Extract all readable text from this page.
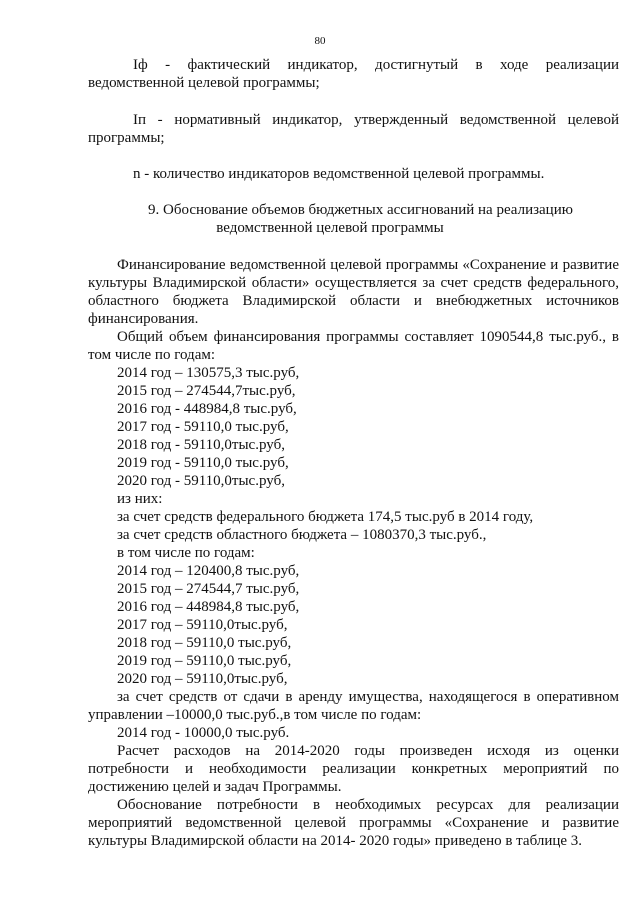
80
Iф - фактический индикатор, достигнутый в ходе реализации
ведомственной целевой программы;
Iп - нормативный индикатор, утвержденный ведомственной целевой
программы;
n - количество индикаторов ведомственной целевой программы.
9. Обоснование объемов бюджетных ассигнований на реализацию
ведомственной целевой программы
Финансирование ведомственной целевой программы «Сохранение и развитие
культуры Владимирской области» осуществляется за счет средств федерального,
областного бюджета Владимирской области и внебюджетных источников
финансирования.
Общий объем финансирования программы составляет 1090544,8 тыс.руб., в
том числе по годам:
2014 год – 130575,3 тыс.руб,
2015 год – 274544,7тыс.руб,
2016 год - 448984,8 тыс.руб,
2017 год - 59110,0 тыс.руб,
2018 год - 59110,0тыс.руб,
2019 год - 59110,0 тыс.руб,
2020 год - 59110,0тыс.руб,
из них:
за счет средств федерального бюджета 174,5 тыс.руб в 2014 году,
за счет средств областного бюджета – 1080370,3 тыс.руб.,
в том числе по годам:
2014 год – 120400,8 тыс.руб,
2015 год – 274544,7 тыс.руб,
2016 год – 448984,8 тыс.руб,
2017 год – 59110,0тыс.руб,
2018 год – 59110,0 тыс.руб,
2019 год – 59110,0 тыс.руб,
2020 год – 59110,0тыс.руб,
за счет средств от сдачи в аренду имущества, находящегося в оперативном
управлении –10000,0 тыс.руб.,в том числе по годам:
2014 год - 10000,0 тыс.руб.
Расчет расходов на 2014-2020 годы произведен исходя из оценки
потребности и необходимости реализации конкретных мероприятий по
достижению целей и задач Программы.
Обоснование потребности в необходимых ресурсах для реализации
мероприятий ведомственной целевой программы «Сохранение и развитие
культуры Владимирской области на 2014- 2020 годы» приведено в таблице 3.
